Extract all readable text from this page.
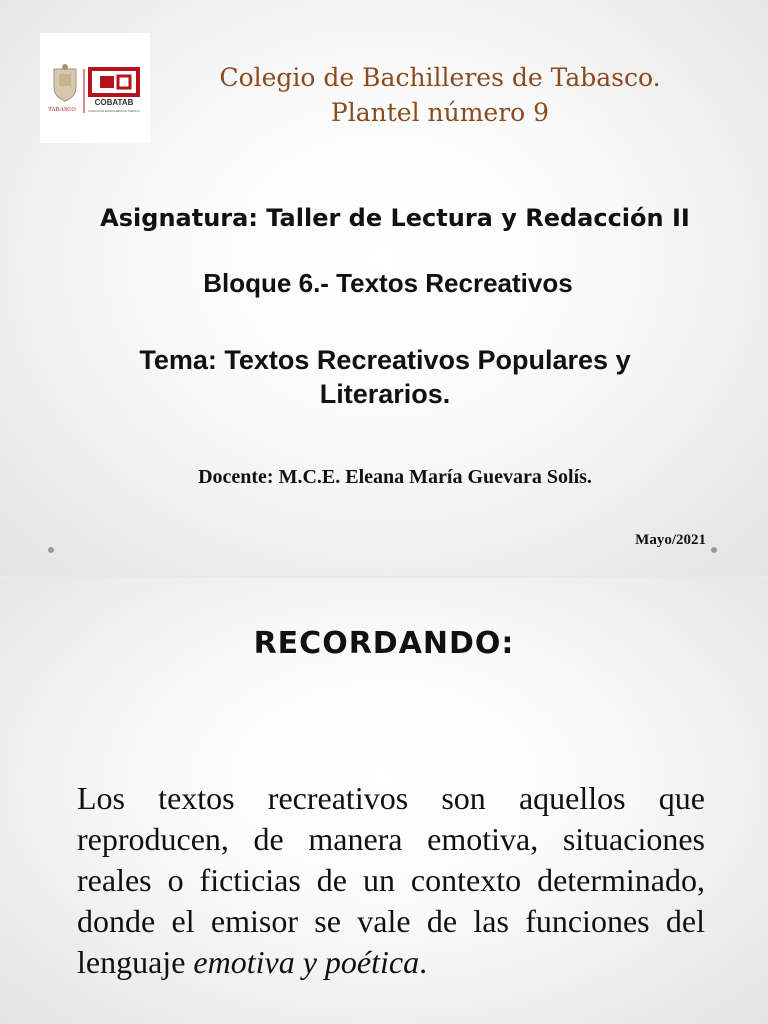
TABASCO
COBATAB
COLEGIO DE BACHILLERES DE TABASCO
Colegio de Bachilleres de Tabasco.
Plantel número 9
Asignatura: Taller de Lectura y Redacción II
Bloque 6.- Textos Recreativos
Tema: Textos Recreativos Populares y
Literarios.
Docente: M.C.E. Eleana María Guevara Solís.
Mayo/2021
RECORDANDO:

Los textos recreativos son aquellos que reproducen, de manera emotiva, situaciones reales o ficticias de un contexto determinado, donde el emisor se vale de las funciones del lenguaje emotiva y poética.
